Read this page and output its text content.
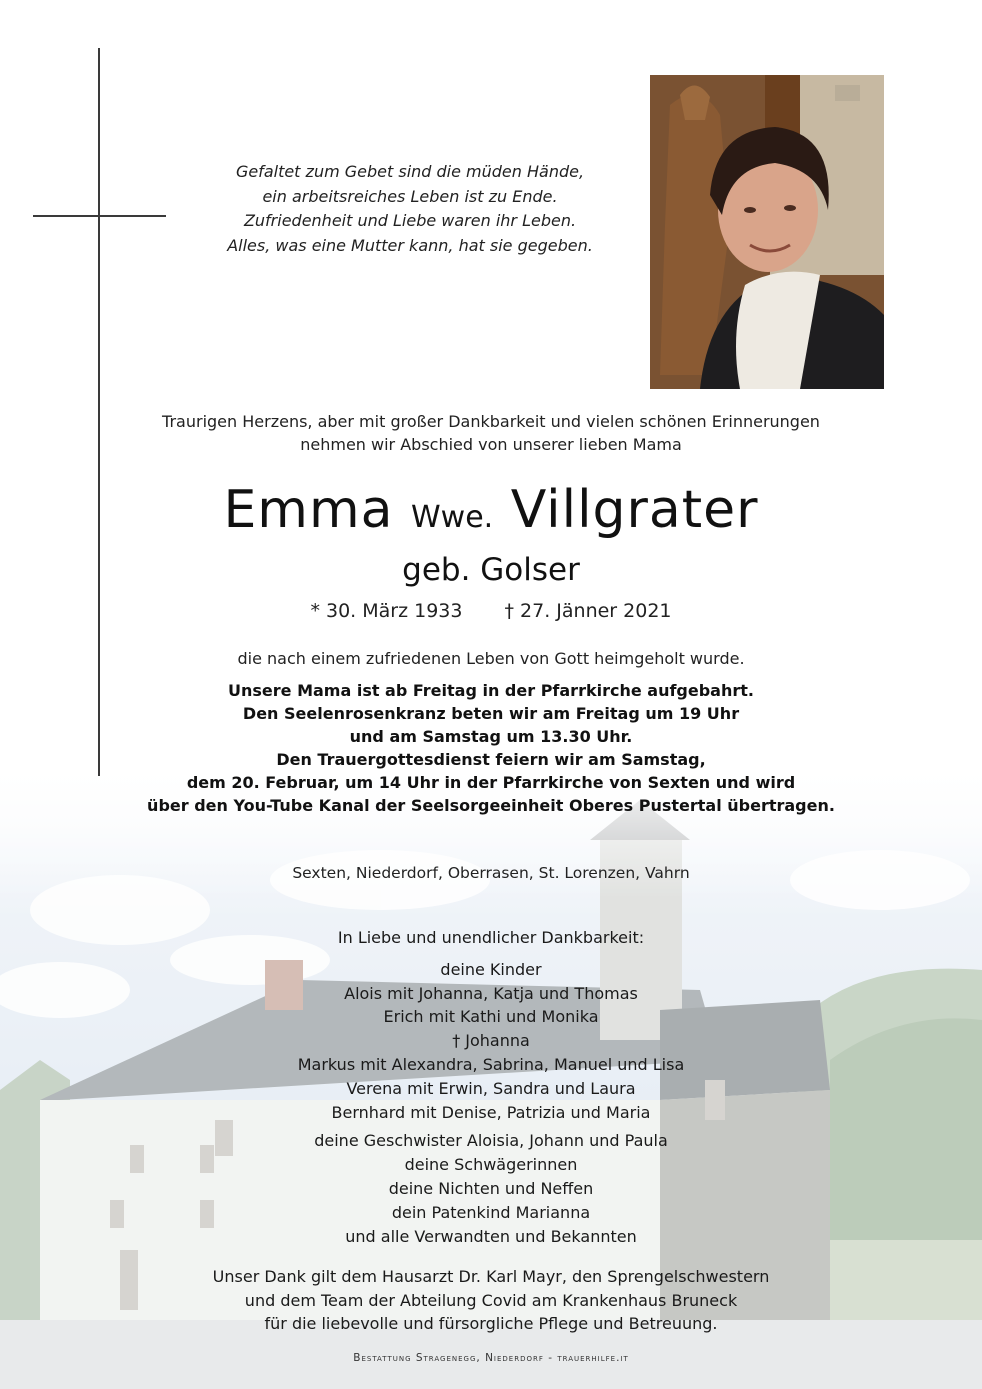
Gefaltet zum Gebet sind die müden Hände,
ein arbeitsreiches Leben ist zu Ende.
Zufriedenheit und Liebe waren ihr Leben.
Alles, was eine Mutter kann, hat sie gegeben.
Traurigen Herzens, aber mit großer Dankbarkeit und vielen schönen Erinnerungen
nehmen wir Abschied von unserer lieben Mama
Emma Wwe. Villgrater
geb. Golser
* 30. März 1933 † 27. Jänner 2021
die nach einem zufriedenen Leben von Gott heimgeholt wurde.
Unsere Mama ist ab Freitag in der Pfarrkirche aufgebahrt.
Den Seelenrosenkranz beten wir am Freitag um 19 Uhr
und am Samstag um 13.30 Uhr.
Den Trauergottesdienst feiern wir am Samstag,
dem 20. Februar, um 14 Uhr in der Pfarrkirche von Sexten und wird
über den You-Tube Kanal der Seelsorgeeinheit Oberes Pustertal übertragen.
Sexten, Niederdorf, Oberrasen, St. Lorenzen, Vahrn
In Liebe und unendlicher Dankbarkeit:
deine Kinder
Alois mit Johanna, Katja und Thomas
Erich mit Kathi und Monika
† Johanna
Markus mit Alexandra, Sabrina, Manuel und Lisa
Verena mit Erwin, Sandra und Laura
Bernhard mit Denise, Patrizia und Maria
deine Geschwister Aloisia, Johann und Paula
deine Schwägerinnen
deine Nichten und Neffen
dein Patenkind Marianna
und alle Verwandten und Bekannten
Unser Dank gilt dem Hausarzt Dr. Karl Mayr, den Sprengelschwestern
und dem Team der Abteilung Covid am Krankenhaus Bruneck
für die liebevolle und fürsorgliche Pflege und Betreuung.
Bestattung Stragenegg, Niederdorf - trauerhilfe.it
